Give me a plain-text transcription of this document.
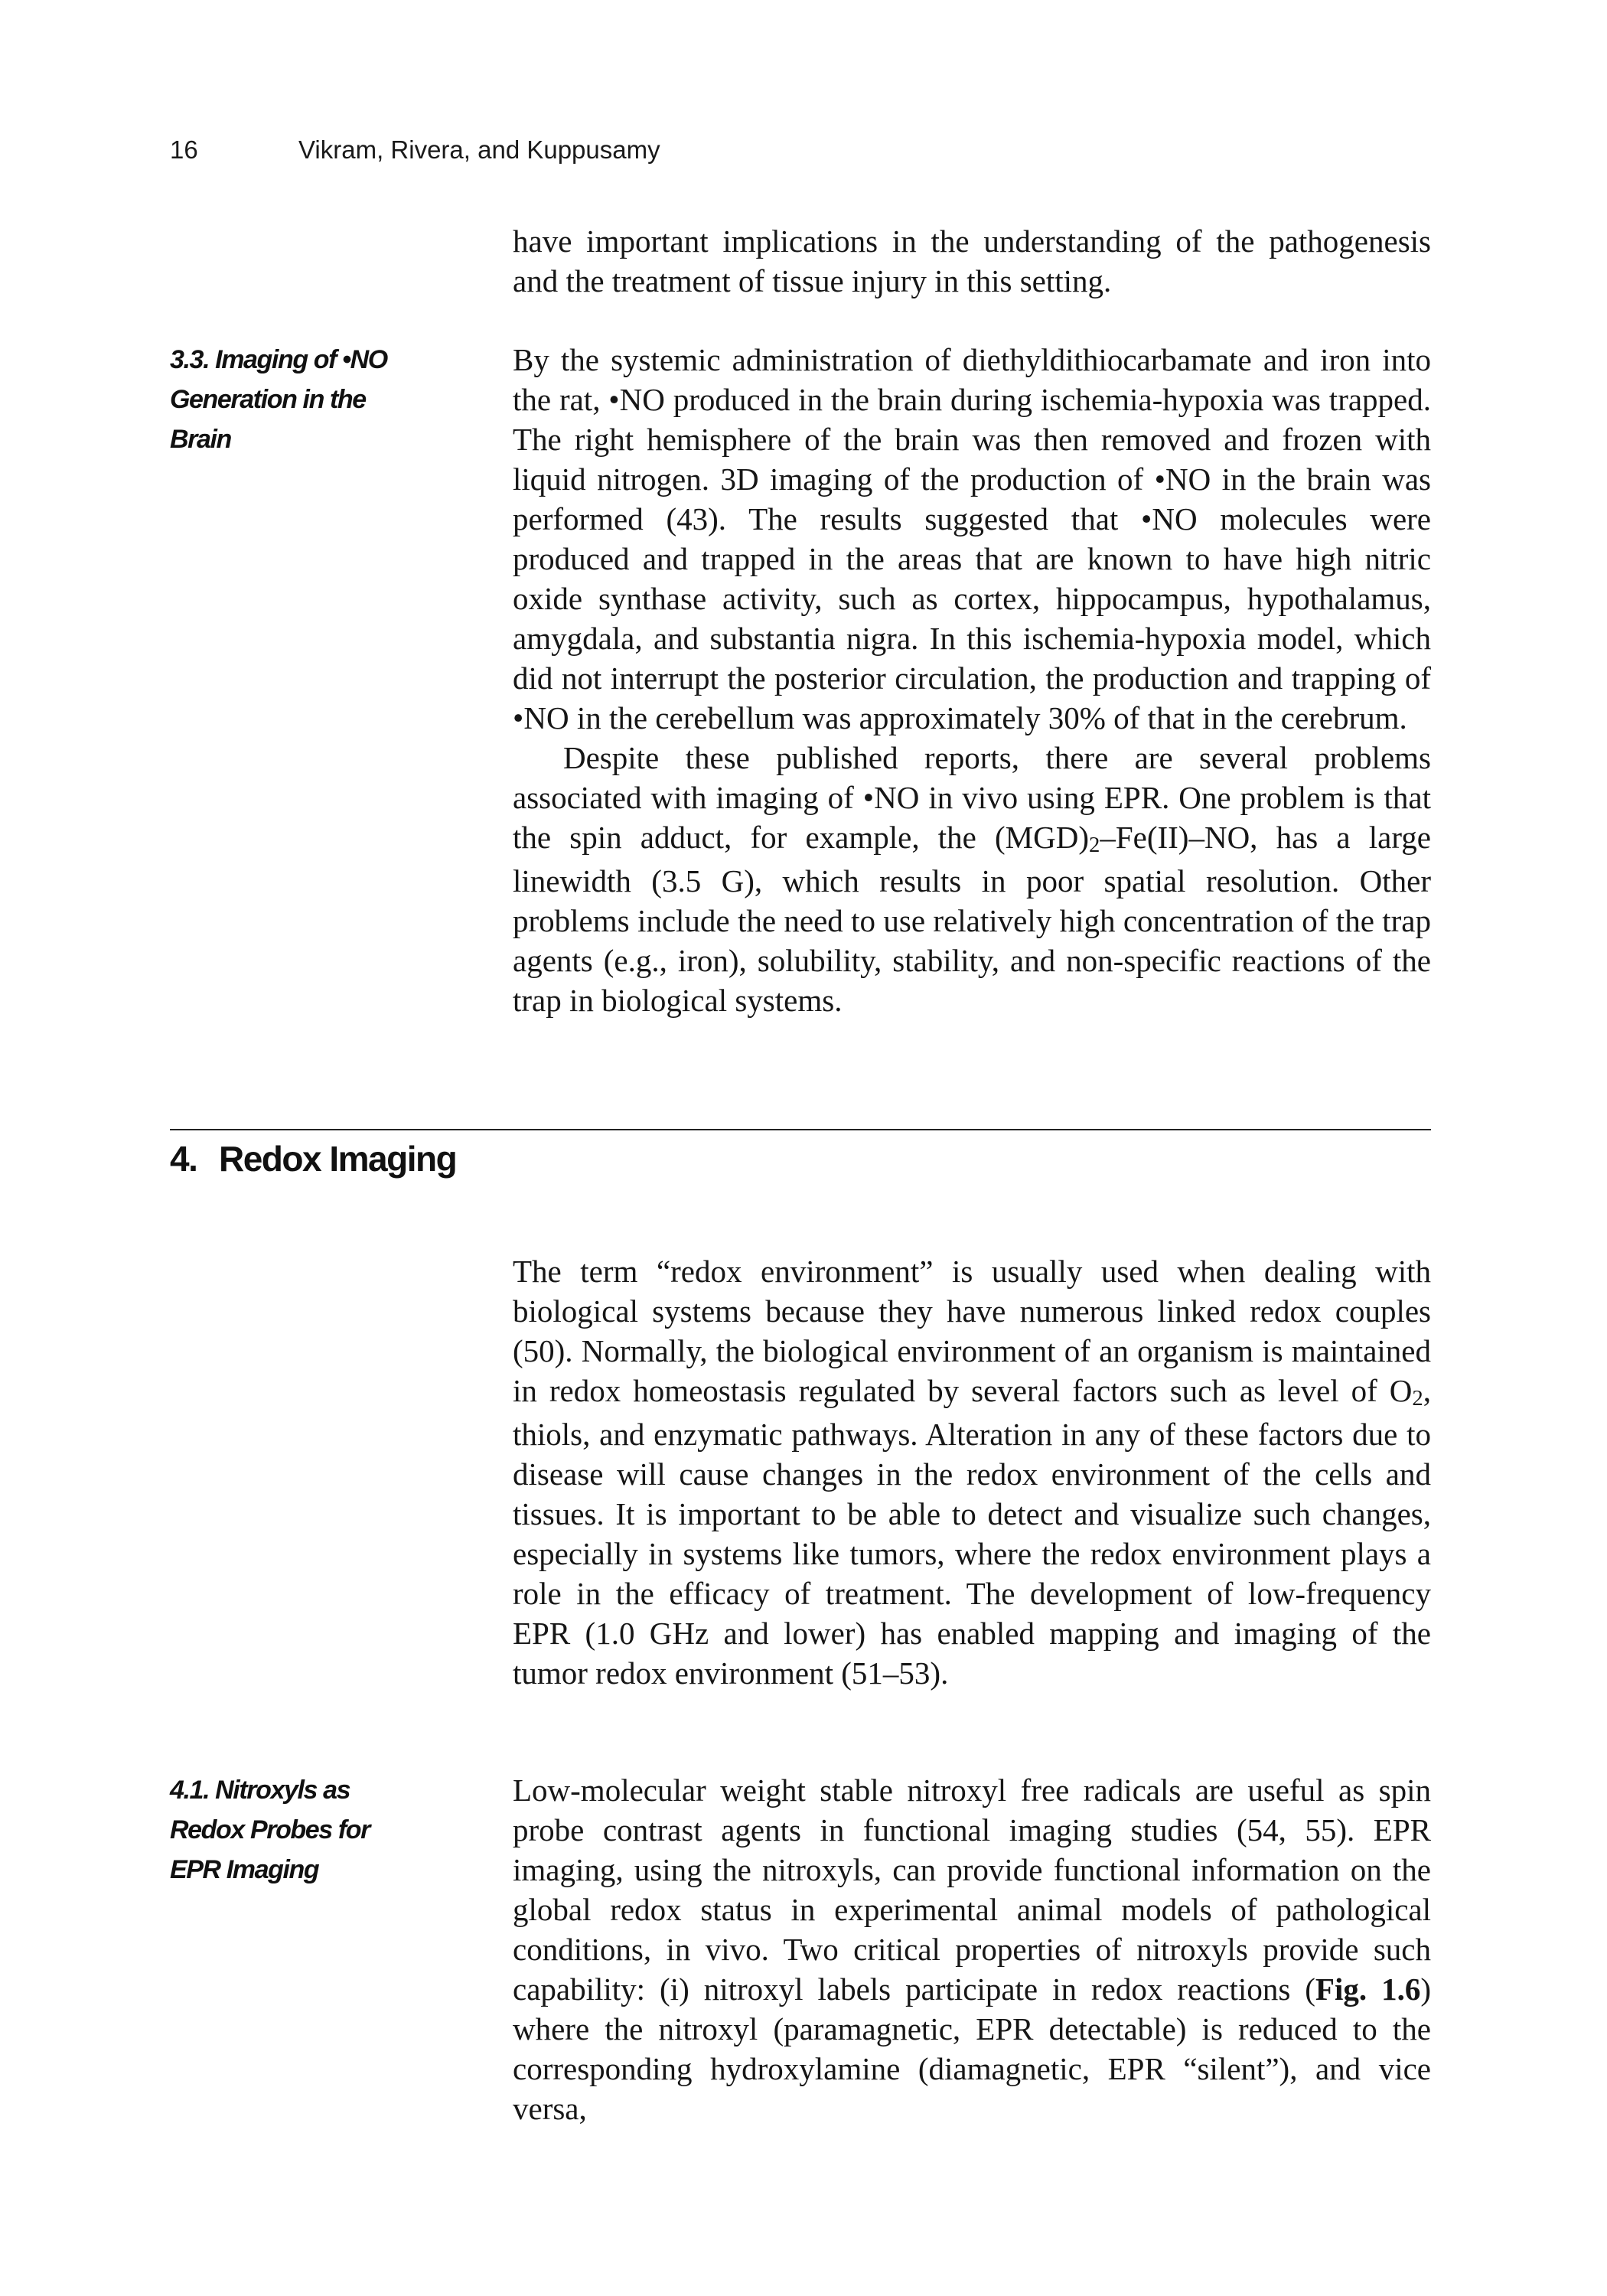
16	Vikram, Rivera, and Kuppusamy

have important implications in the understanding of the pathogenesis and the treatment of tissue injury in this setting.

3.3. Imaging of •NO
Generation in the
Brain

By the systemic administration of diethyldithiocarbamate and iron into the rat, •NO produced in the brain during ischemia-hypoxia was trapped. The right hemisphere of the brain was then removed and frozen with liquid nitrogen. 3D imaging of the production of •NO in the brain was performed (43). The results suggested that •NO molecules were produced and trapped in the areas that are known to have high nitric oxide synthase activity, such as cortex, hippocampus, hypothalamus, amygdala, and substantia nigra. In this ischemia-hypoxia model, which did not interrupt the posterior circulation, the production and trapping of •NO in the cerebellum was approximately 30% of that in the cerebrum.

Despite these published reports, there are several problems associated with imaging of •NO in vivo using EPR. One problem is that the spin adduct, for example, the $(MGD)_2-Fe(II)-NO$, has a large linewidth (3.5 G), which results in poor spatial resolution. Other problems include the need to use relatively high concentration of the trap agents (e.g., iron), solubility, stability, and non-specific reactions of the trap in biological systems.

4. Redox Imaging

The term “redox environment” is usually used when dealing with biological systems because they have numerous linked redox couples (50). Normally, the biological environment of an organism is maintained in redox homeostasis regulated by several factors such as level of $O_2$, thiols, and enzymatic pathways. Alteration in any of these factors due to disease will cause changes in the redox environment of the cells and tissues. It is important to be able to detect and visualize such changes, especially in systems like tumors, where the redox environment plays a role in the efficacy of treatment. The development of low-frequency EPR (1.0 GHz and lower) has enabled mapping and imaging of the tumor redox environment (51–53).

4.1. Nitroxyls as
Redox Probes for
EPR Imaging

Low-molecular weight stable nitroxyl free radicals are useful as spin probe contrast agents in functional imaging studies (54, 55). EPR imaging, using the nitroxyls, can provide functional information on the global redox status in experimental animal models of pathological conditions, in vivo. Two critical properties of nitroxyls provide such capability: (i) nitroxyl labels participate in redox reactions (Fig. 1.6) where the nitroxyl (paramagnetic, EPR detectable) is reduced to the corresponding hydroxylamine (diamagnetic, EPR “silent”), and vice versa,
